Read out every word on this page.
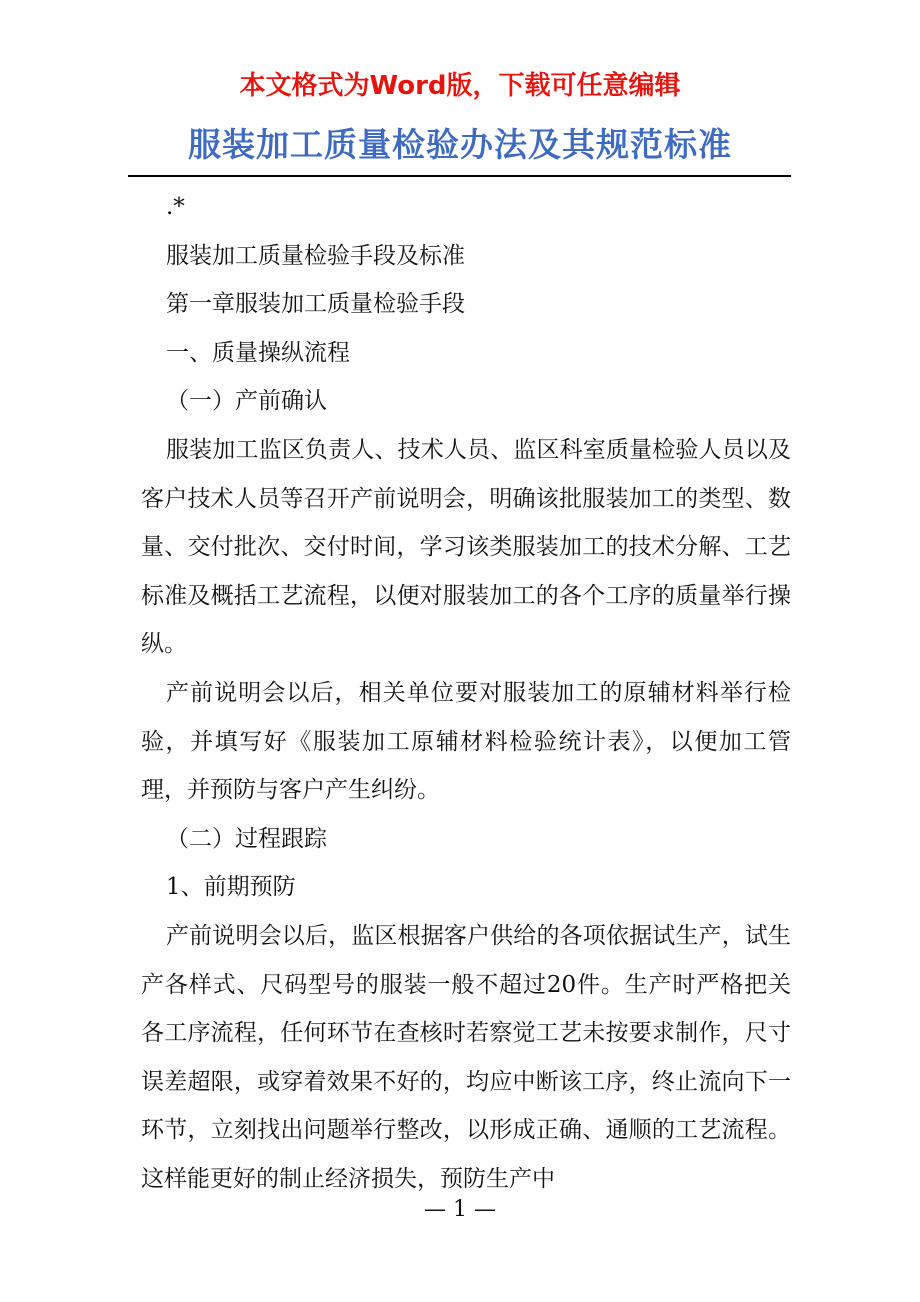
本文格式为Word版，下载可任意编辑
服装加工质量检验办法及其规范标准

.*

服装加工质量检验手段及标准

第一章服装加工质量检验手段

一、质量操纵流程

（一）产前确认

服装加工监区负责人、技术人员、监区科室质量检验人员以及客户技术人员等召开产前说明会，明确该批服装加工的类型、数量、交付批次、交付时间，学习该类服装加工的技术分解、工艺标准及概括工艺流程，以便对服装加工的各个工序的质量举行操纵。

产前说明会以后，相关单位要对服装加工的原辅材料举行检验，并填写好《服装加工原辅材料检验统计表》，以便加工管理，并预防与客户产生纠纷。

（二）过程跟踪

1、前期预防

产前说明会以后，监区根据客户供给的各项依据试生产，试生产各样式、尺码型号的服装一般不超过20件。生产时严格把关各工序流程，任何环节在查核时若察觉工艺未按要求制作，尺寸误差超限，或穿着效果不好的，均应中断该工序，终止流向下一环节，立刻找出问题举行整改，以形成正确、通顺的工艺流程。这样能更好的制止经济损失，预防生产中

— 1 —
